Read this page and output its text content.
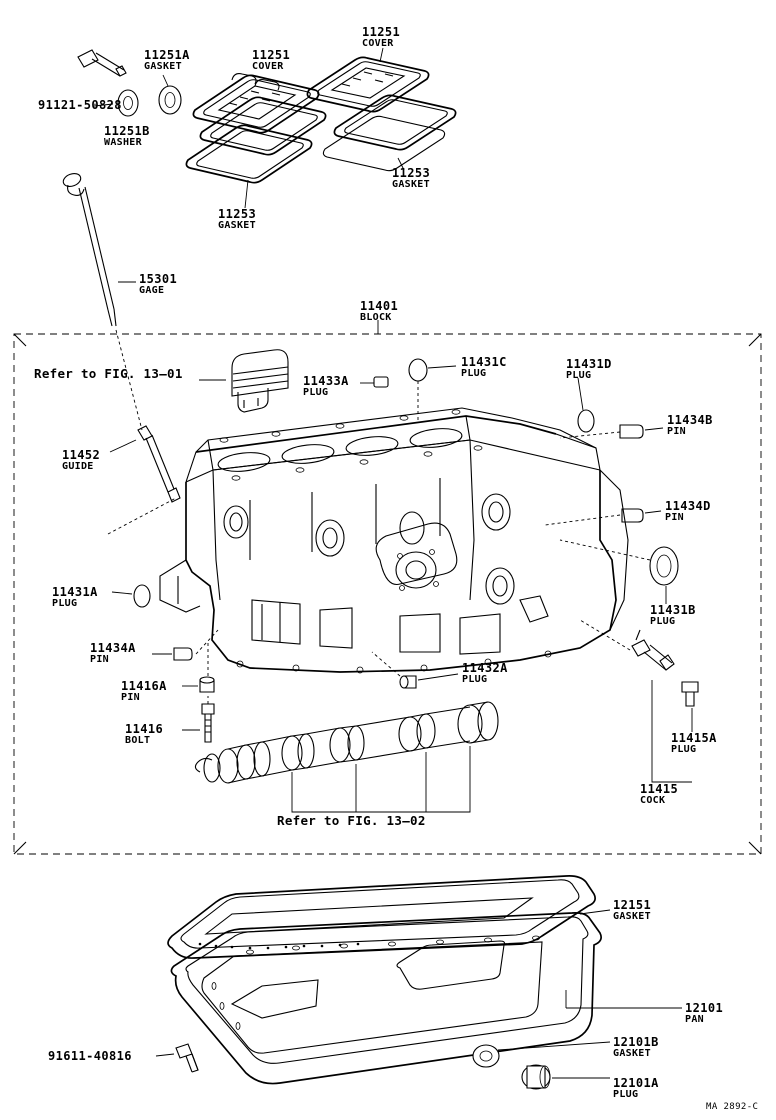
91121-50828
11251A
GASKET
11251B
WASHER
11251
COVER
11251
COVER
11253
GASKET
11253
GASKET
15301
GAGE
11401
BLOCK
11433A
PLUG
11431C
PLUG
11431D
PLUG
11434B
PIN
11452
GUIDE
11434D
PIN
11431A
PLUG	11431B
PLUG
11434A
PIN
11432A
PLUG
11416A
PIN
11416
BOLT	11415A
PLUG
11415
COCK
12151
GASKET
12101
PAN
12101B
GASKET
12101A
PLUG
91611-40816
Refer to FIG. 13–01
Refer to FIG. 13–02
MA 2892-C
